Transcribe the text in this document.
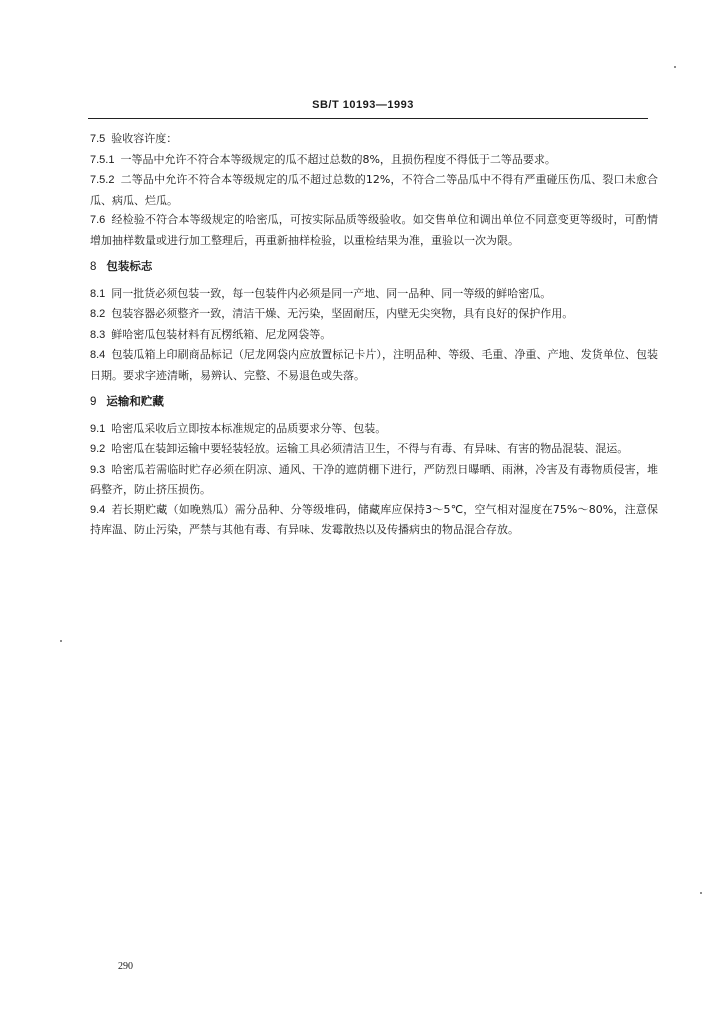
SB/T 10193—1993

7.5 验收容许度：

7.5.1 一等品中允许不符合本等级规定的瓜不超过总数的8%，且损伤程度不得低于二等品要求。

7.5.2 二等品中允许不符合本等级规定的瓜不超过总数的12%，不符合二等品瓜中不得有严重碰压伤瓜、裂口未愈合瓜、病瓜、烂瓜。

7.6 经检验不符合本等级规定的哈密瓜，可按实际品质等级验收。如交售单位和调出单位不同意变更等级时，可酌情增加抽样数量或进行加工整理后，再重新抽样检验，以重检结果为准，重验以一次为限。

8 包装标志

8.1 同一批货必须包装一致，每一包装件内必须是同一产地、同一品种、同一等级的鲜哈密瓜。

8.2 包装容器必须整齐一致，清洁干燥、无污染，坚固耐压，内壁无尖突物，具有良好的保护作用。

8.3 鲜哈密瓜包装材料有瓦楞纸箱、尼龙网袋等。

8.4 包装瓜箱上印刷商品标记（尼龙网袋内应放置标记卡片），注明品种、等级、毛重、净重、产地、发货单位、包装日期。要求字迹清晰，易辨认、完整、不易退色或失落。

9 运输和贮藏

9.1 哈密瓜采收后立即按本标准规定的品质要求分等、包装。

9.2 哈密瓜在装卸运输中要轻装轻放。运输工具必须清洁卫生，不得与有毒、有异味、有害的物品混装、混运。

9.3 哈密瓜若需临时贮存必须在阴凉、通风、干净的遮荫棚下进行，严防烈日曝晒、雨淋，冷害及有毒物质侵害，堆码整齐，防止挤压损伤。

9.4 若长期贮藏（如晚熟瓜）需分品种、分等级堆码，储藏库应保持3～5℃，空气相对湿度在75%～80%，注意保持库温、防止污染，严禁与其他有毒、有异味、发霉散热以及传播病虫的物品混合存放。

290
